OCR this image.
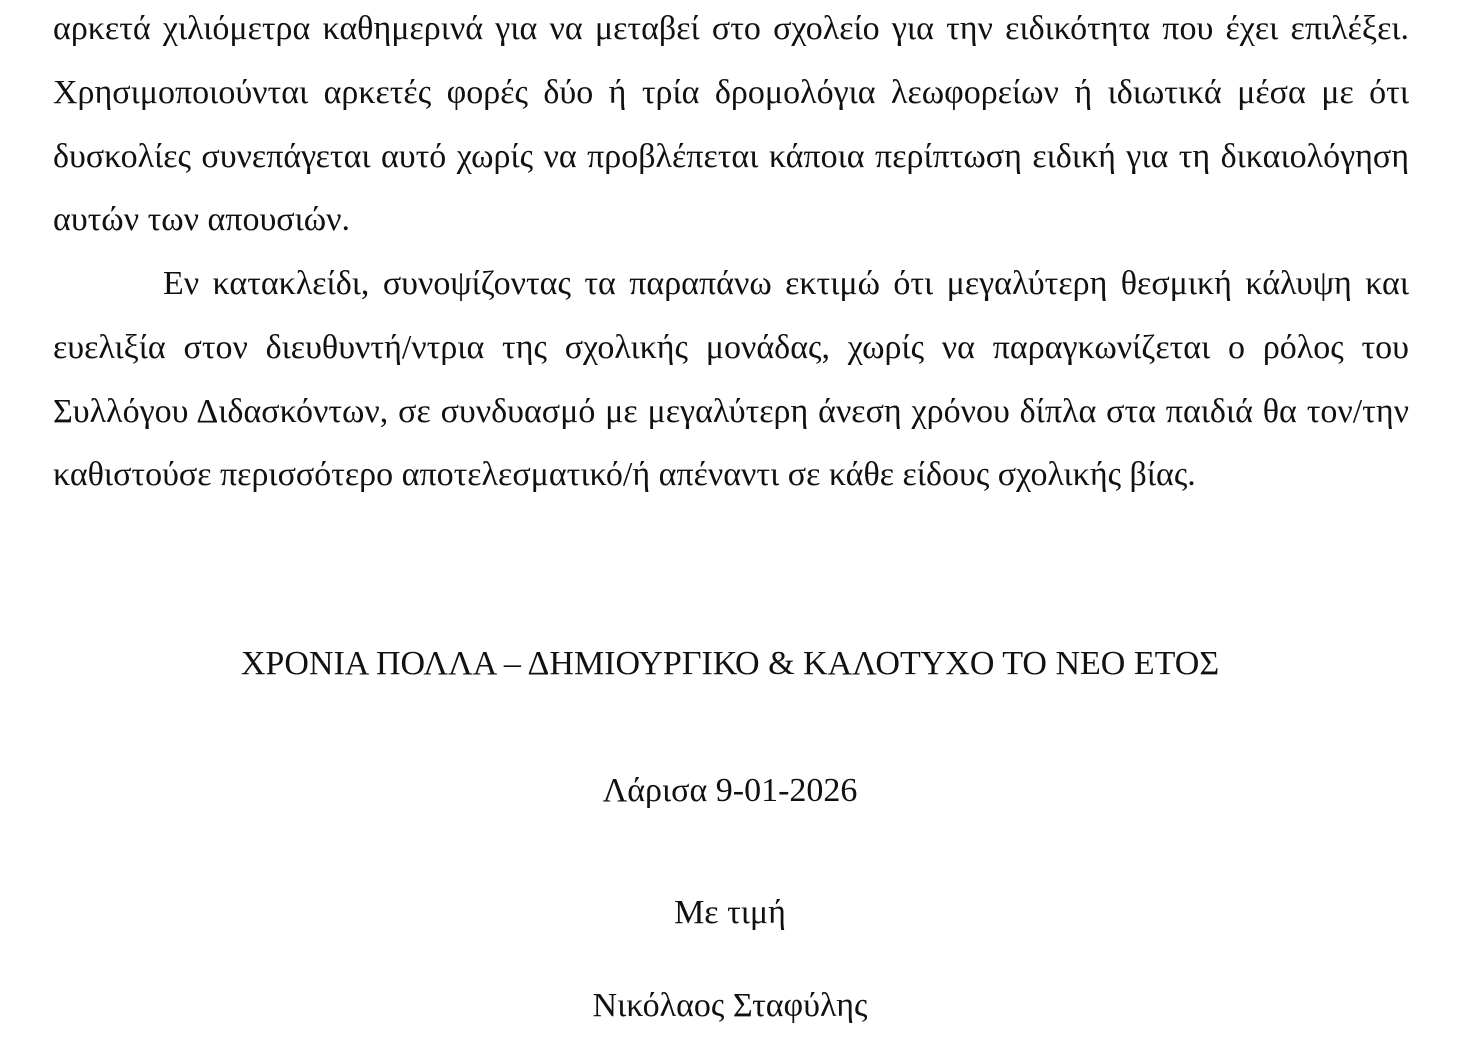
αρκετά χιλιόμετρα καθημερινά για να μεταβεί στο σχολείο για την ειδικότητα που έχει επιλέξει. Χρησιμοποιούνται αρκετές φορές δύο ή τρία δρομολόγια λεωφορείων ή ιδιωτικά μέσα με ότι δυσκολίες συνεπάγεται αυτό χωρίς να προβλέπεται κάποια περίπτωση ειδική για τη δικαιολόγηση αυτών των απουσιών.

Εν κατακλείδι, συνοψίζοντας τα παραπάνω εκτιμώ ότι μεγαλύτερη θεσμική κάλυψη και ευελιξία στον διευθυντή/ντρια της σχολικής μονάδας, χωρίς να παραγκωνίζεται ο ρόλος του Συλλόγου Διδασκόντων, σε συνδυασμό με μεγαλύτερη άνεση χρόνου δίπλα στα παιδιά θα τον/την καθιστούσε περισσότερο αποτελεσματικό/ή απέναντι σε κάθε είδους σχολικής βίας.

ΧΡΟΝΙΑ ΠΟΛΛΑ – ΔΗΜΙΟΥΡΓΙΚΟ & ΚΑΛΟΤΥΧΟ ΤΟ ΝΕΟ ΕΤΟΣ

Λάρισα 9-01-2026

Με τιμή

Νικόλαος Σταφύλης
